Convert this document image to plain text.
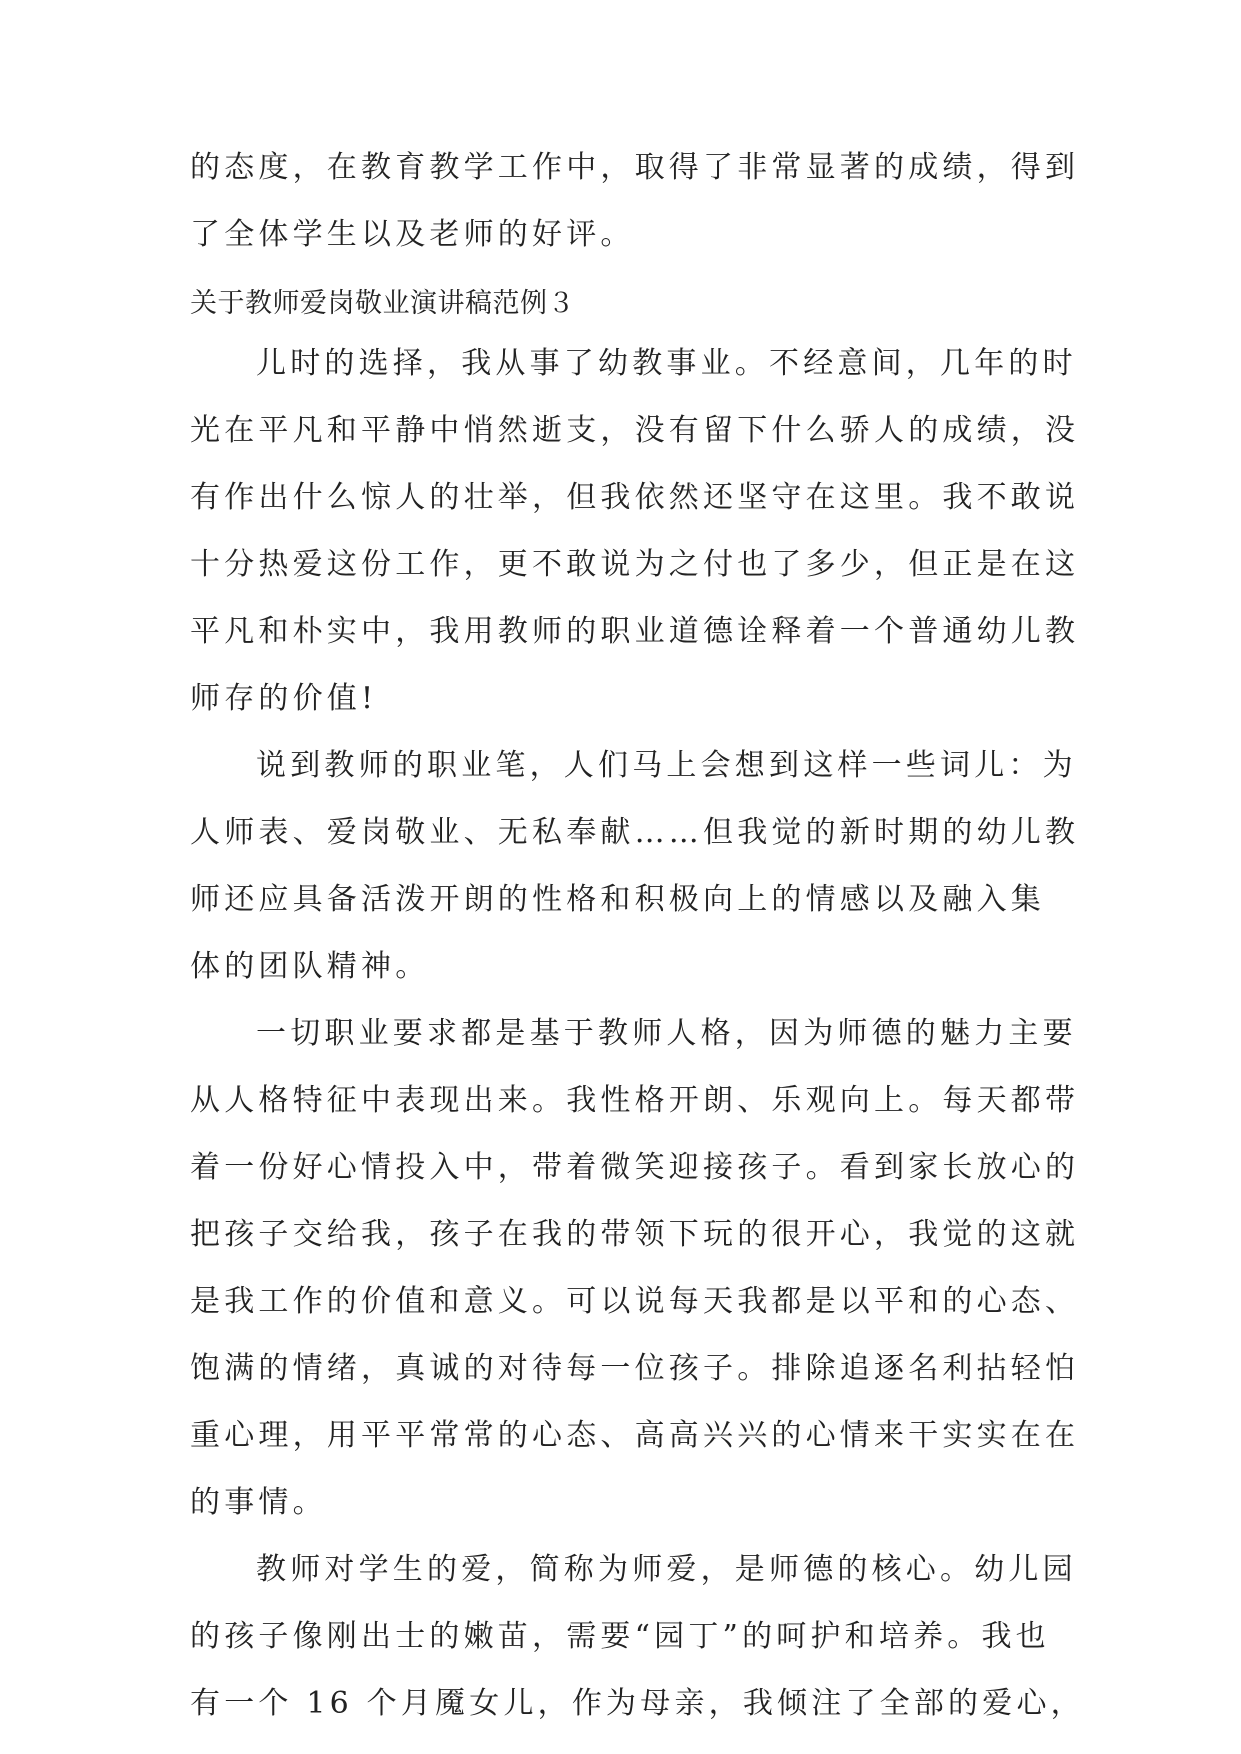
的态度，在教育教学工作中，取得了非常显著的成绩，得到
了全体学生以及老师的好评。
关于教师爱岗敬业演讲稿范例３
儿时的选择，我从事了幼教事业。不经意间，几年的时
光在平凡和平静中悄然逝支，没有留下什么骄人的成绩，没
有作出什么惊人的壮举，但我依然还坚守在这里。我不敢说
十分热爱这份工作，更不敢说为之付也了多少，但正是在这
平凡和朴实中，我用教师的职业道德诠释着一个普通幼儿教
师存的价值!
说到教师的职业笔，人们马上会想到这样一些词儿：为
人师表、爱岗敬业、无私奉献……但我觉的新时期的幼儿教
师还应具备活泼开朗的性格和积极向上的情感以及融入集
体的团队精神。
一切职业要求都是基于教师人格，因为师德的魅力主要
从人格特征中表现出来。我性格开朗、乐观向上。每天都带
着一份好心情投入中，带着微笑迎接孩子。看到家长放心的
把孩子交给我，孩子在我的带领下玩的很开心，我觉的这就
是我工作的价值和意义。可以说每天我都是以平和的心态、
饱满的情绪，真诚的对待每一位孩子。排除追逐名利拈轻怕
重心理，用平平常常的心态、高高兴兴的心情来干实实在在
的事情。
教师对学生的爱，简称为师爱，是师德的核心。幼儿园
的孩子像刚出士的嫩苗，需要“园丁”的呵护和培养。我也
有一个 16 个月魇女儿，作为母亲，我倾注了全部的爱心，
